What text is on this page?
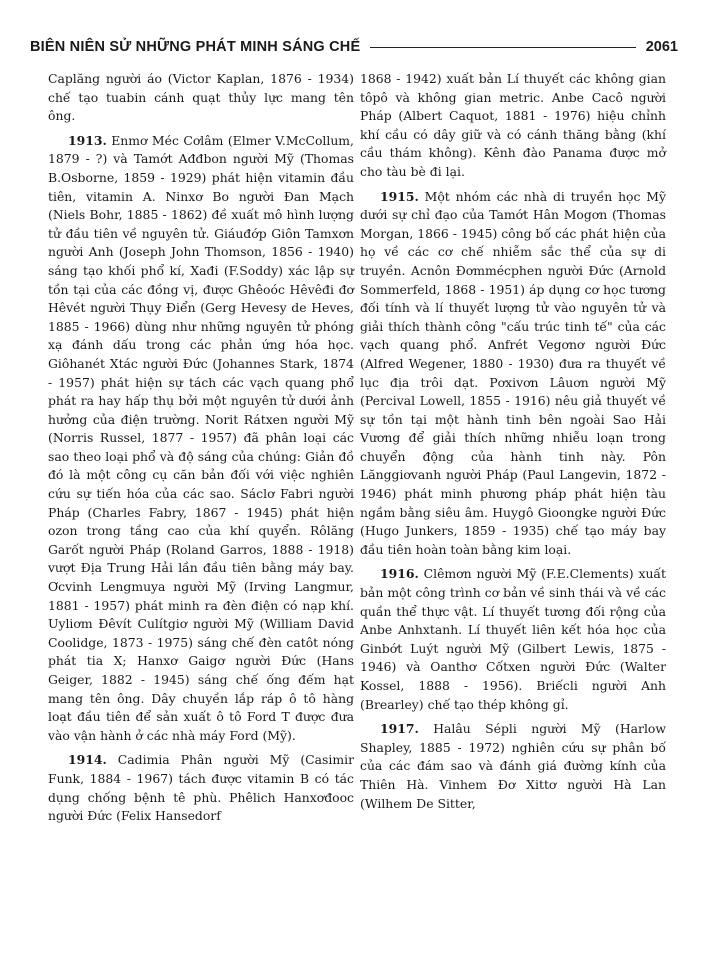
BIÊN NIÊN SỬ NHỮNG PHÁT MINH SÁNG CHẾ	2061

Caplăng người áo (Victor Kaplan, 1876 - 1934) chế tạo tuabin cánh quạt thủy lực mang tên ông.

1913. Enmơ Méc Cơlâm (Elmer V.McCollum, 1879 - ?) và Tamớt Ađđbon người Mỹ (Thomas B.Osborne, 1859 - 1929) phát hiện vitamin đầu tiên, vitamin A. Ninxơ Bo người Đan Mạch (Niels Bohr, 1885 - 1862) đề xuất mô hình lượng tử đầu tiên về nguyên tử. Giáuđớp Giôn Tamxơn người Anh (Joseph John Thomson, 1856 - 1940) sáng tạo khối phổ kí, Xađi (F.Soddy) xác lập sự tồn tại của các đồng vị, được Ghêoóc Hêvêđi đơ Hêvét người Thụy Điển (Gerg Hevesy de Heves, 1885 - 1966) dùng như những nguyên tử phóng xạ đánh dấu trong các phản ứng hóa học. Giôhanét Xtác người Đức (Johannes Stark, 1874 - 1957) phát hiện sự tách các vạch quang phổ phát ra hay hấp thụ bởi một nguyên tử dưới ảnh hưởng của điện trường. Norit Rátxen người Mỹ (Norris Russel, 1877 - 1957) đã phân loại các sao theo loại phổ và độ sáng của chúng: Giản đồ đó là một công cụ căn bản đối với việc nghiên cứu sự tiến hóa của các sao. Sáclơ Fabri người Pháp (Charles Fabry, 1867 - 1945) phát hiện ozon trong tầng cao của khí quyển. Rôlăng Garốt người Pháp (Roland Garros, 1888 - 1918) vượt Địa Trung Hải lần đầu tiên bằng máy bay. Ơcvinh Lengmuya người Mỹ (Irving Langmur, 1881 - 1957) phát minh ra đèn điện có nạp khí. Uyliơm Đêvít Culítgiơ người Mỹ (William David Coolidge, 1873 - 1975) sáng chế đèn catôt nóng phát tia X; Hanxơ Gaigơ người Đức (Hans Geiger, 1882 - 1945) sáng chế ống đếm hạt mang tên ông. Dây chuyền lắp ráp ô tô hàng loạt đầu tiên để sản xuất ô tô Ford T được đưa vào vận hành ở các nhà máy Ford (Mỹ).

1914. Cadimia Phân người Mỹ (Casimir Funk, 1884 - 1967) tách được vitamin B có tác dụng chống bệnh tê phù. Phêlich Hanxơđooc người Đức (Felix Hansedorf

1868 - 1942) xuất bản Lí thuyết các không gian tôpô và không gian metric. Anbe Cacô người Pháp (Albert Caquot, 1881 - 1976) hiệu chỉnh khí cầu có dây giữ và có cánh thăng bằng (khí cầu thám không). Kênh đào Panama được mở cho tàu bè đi lại.

1915. Một nhóm các nhà di truyền học Mỹ dưới sự chỉ đạo của Tamớt Hân Mogơn (Thomas Morgan, 1866 - 1945) công bố các phát hiện của họ về các cơ chế nhiễm sắc thể của sự di truyền. Acnôn Đơmmécphen người Đức (Arnold Sommerfeld, 1868 - 1951) áp dụng cơ học tương đối tính và lí thuyết lượng tử vào nguyên tử và giải thích thành công "cấu trúc tinh tế" của các vạch quang phổ. Anfrét Vegơnơ người Đức (Alfred Wegener, 1880 - 1930) đưa ra thuyết về lục địa trôi dạt. Pơxivơn Lâuơn người Mỹ (Percival Lowell, 1855 - 1916) nêu giả thuyết về sự tồn tại một hành tinh bên ngoài Sao Hải Vương để giải thích những nhiễu loạn trong chuyển động của hành tinh này. Pôn Lănggiơvanh người Pháp (Paul Langevin, 1872 - 1946) phát minh phương pháp phát hiện tàu ngầm bằng siêu âm. Huygô Gioongke người Đức (Hugo Junkers, 1859 - 1935) chế tạo máy bay đầu tiên hoàn toàn bằng kim loại.

1916. Clêmơn người Mỹ (F.E.Clements) xuất bản một công trình cơ bản về sinh thái và về các quần thể thực vật. Lí thuyết tương đối rộng của Anbe Anhxtanh. Lí thuyết liên kết hóa học của Ginbớt Luýt người Mỹ (Gilbert Lewis, 1875 - 1946) và Oanthơ Cốtxen người Đức (Walter Kossel, 1888 - 1956). Briếcli người Anh (Brearley) chế tạo thép không gỉ.

1917. Halâu Sépli người Mỹ (Harlow Shapley, 1885 - 1972) nghiên cứu sự phân bố của các đám sao và đánh giá đường kính của Thiên Hà. Vinhem Đơ Xittơ người Hà Lan (Wilhem De Sitter,
